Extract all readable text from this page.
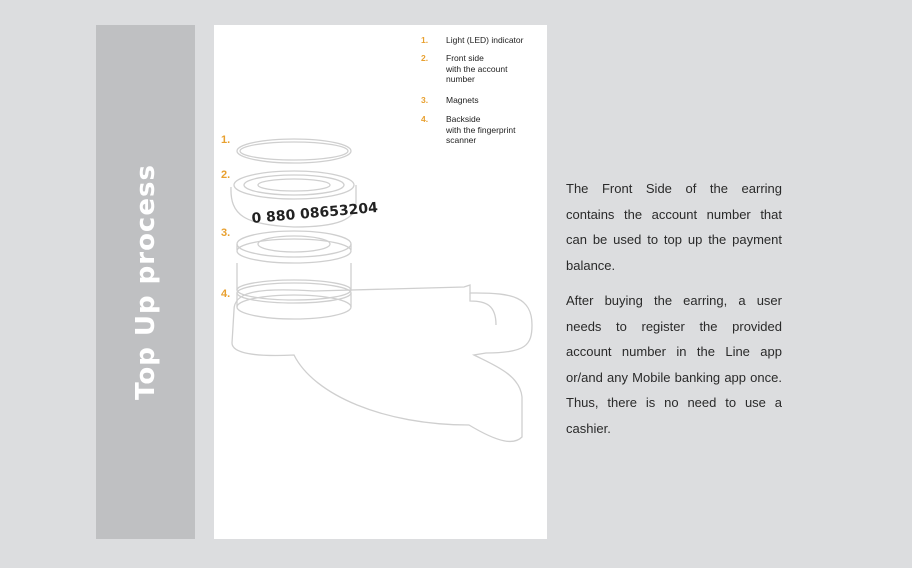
Top Up process	0 880 08653204
1.
2.
3.
4.
1. Light (LED) indicator
2. Front side
with the account
number
3. Magnets
4. Backside
with the fingerprint
scanner

The Front Side of the earring contains the account number that can be used to top up the payment balance.

After buying the earring, a user needs to register the provided account number in the Line app or/and any Mobile banking app once. Thus, there is no need to use a cashier.
